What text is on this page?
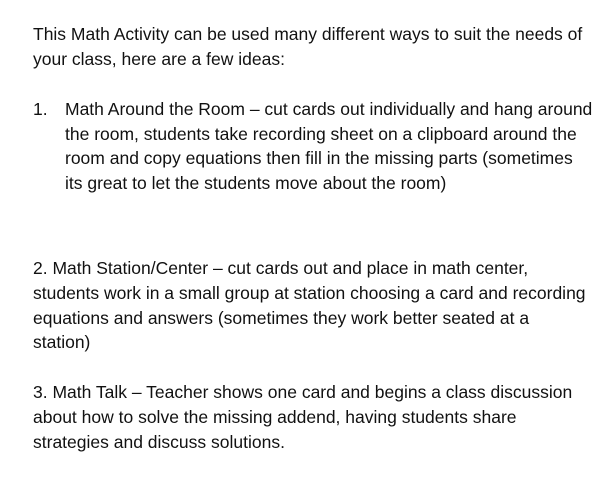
This Math Activity can be used many different ways to suit the needs of your class, here are a few ideas:

1. Math Around the Room – cut cards out individually and hang around the room, students take recording sheet on a clipboard around the room and copy equations then fill in the missing parts (sometimes its great to let the students move about the room)

2. Math Station/Center – cut cards out and place in math center, students work in a small group at station choosing a card and recording equations and answers (sometimes they work better seated at a station)

3. Math Talk – Teacher shows one card and begins a class discussion about how to solve the missing addend, having students share strategies and discuss solutions.
